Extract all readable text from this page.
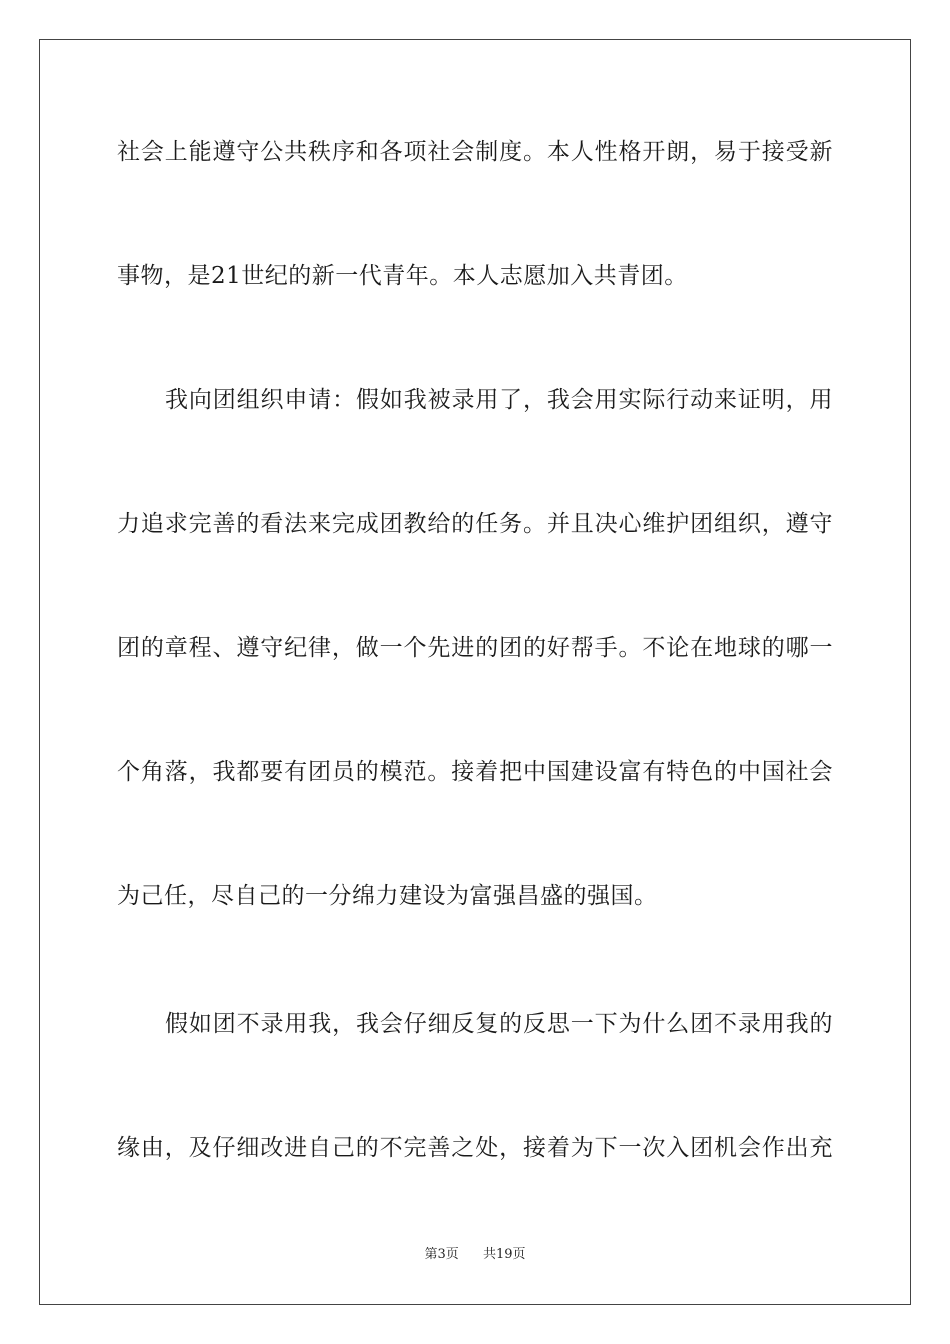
社会上能遵守公共秩序和各项社会制度。本人性格开朗，易于接受新
事物，是21世纪的新一代青年。本人志愿加入共青团。
我向团组织申请：假如我被录用了，我会用实际行动来证明，用
力追求完善的看法来完成团教给的任务。并且决心维护团组织，遵守
团的章程、遵守纪律，做一个先进的团的好帮手。不论在地球的哪一
个角落，我都要有团员的模范。接着把中国建设富有特色的中国社会
为己任，尽自己的一分绵力建设为富强昌盛的强国。
假如团不录用我，我会仔细反复的反思一下为什么团不录用我的
缘由，及仔细改进自己的不完善之处，接着为下一次入团机会作出充
第3页 共19页
